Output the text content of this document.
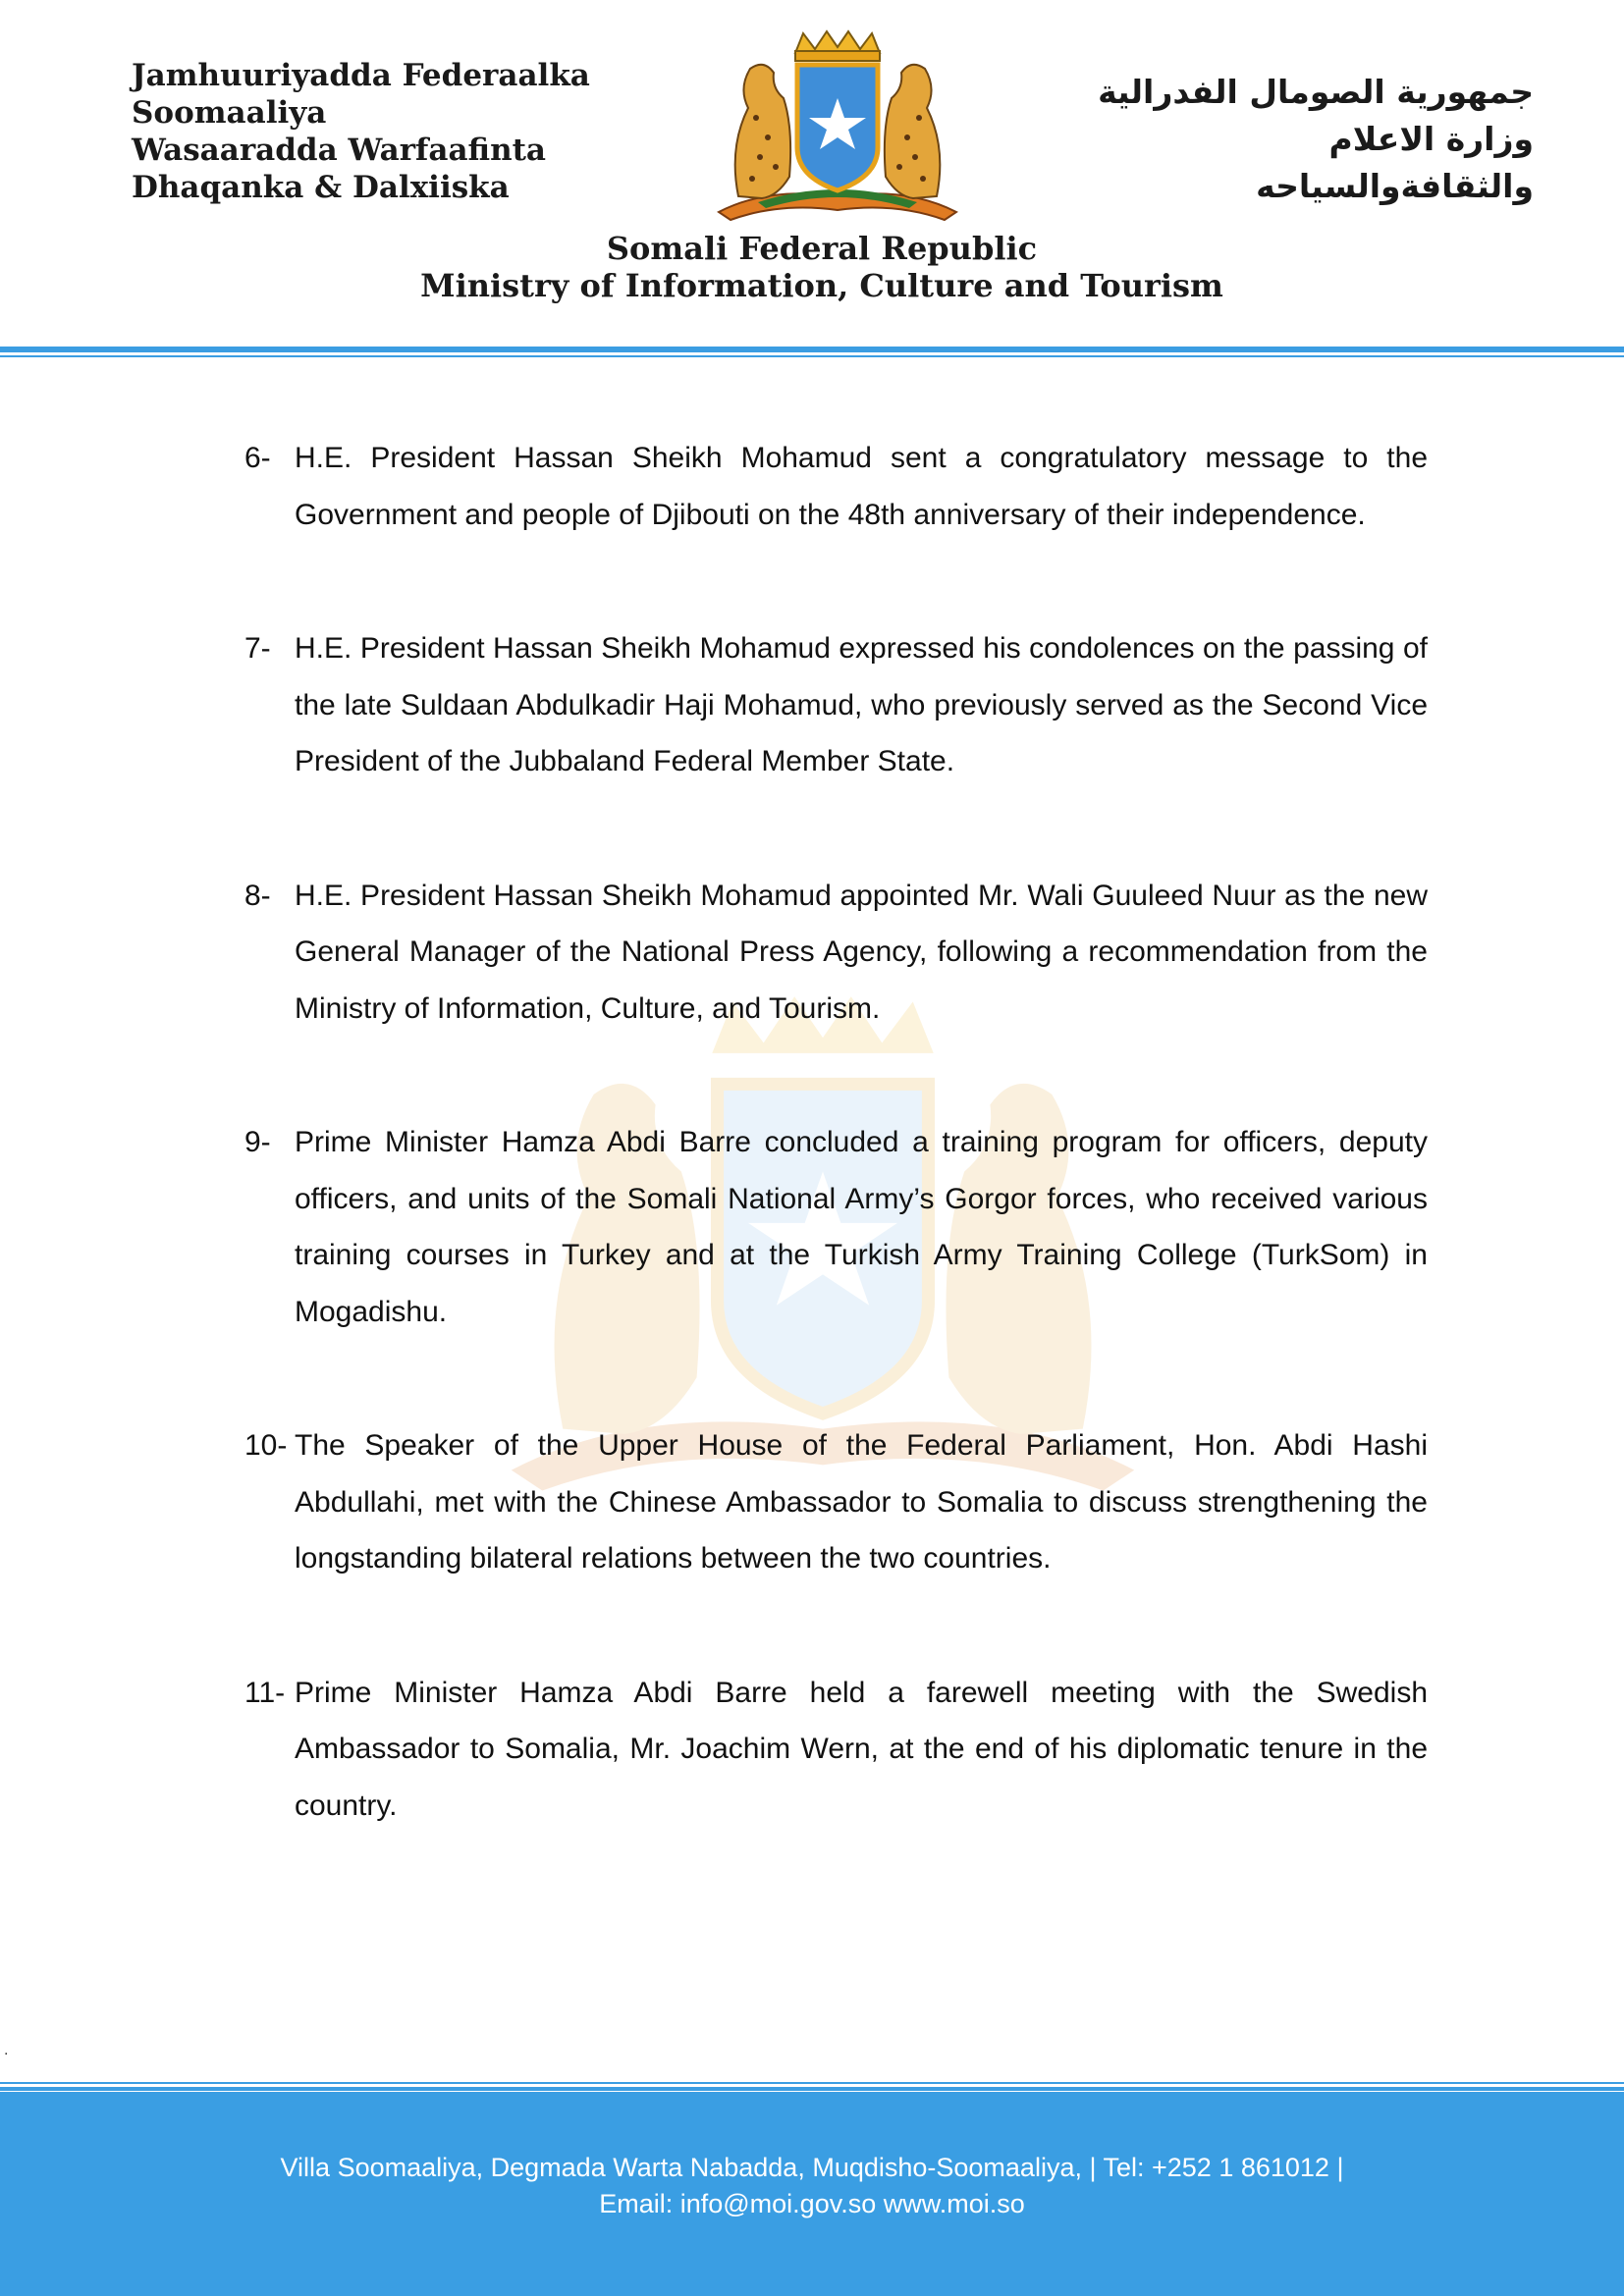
Jamhuuriyadda Federaalka
Soomaaliya
Wasaaradda Warfaafinta
Dhaqanka & Dalxiiska
جمهورية الصومال الفدرالية
وزارة الاعلام
والثقافةوالسياحه
Somali Federal Republic
Ministry of Information, Culture and Tourism
6- H.E. President Hassan Sheikh Mohamud sent a congratulatory message to the Government and people of Djibouti on the 48th anniversary of their independence.
7- H.E. President Hassan Sheikh Mohamud expressed his condolences on the passing of the late Suldaan Abdulkadir Haji Mohamud, who previously served as the Second Vice President of the Jubbaland Federal Member State.
8- H.E. President Hassan Sheikh Mohamud appointed Mr. Wali Guuleed Nuur as the new General Manager of the National Press Agency, following a recommendation from the Ministry of Information, Culture, and Tourism.
9- Prime Minister Hamza Abdi Barre concluded a training program for officers, deputy officers, and units of the Somali National Army’s Gorgor forces, who received various training courses in Turkey and at the Turkish Army Training College (TurkSom) in Mogadishu.
10- The Speaker of the Upper House of the Federal Parliament, Hon. Abdi Hashi Abdullahi, met with the Chinese Ambassador to Somalia to discuss strengthening the longstanding bilateral relations between the two countries.
11- Prime Minister Hamza Abdi Barre held a farewell meeting with the Swedish Ambassador to Somalia, Mr. Joachim Wern, at the end of his diplomatic tenure in the country.
.
Villa Soomaaliya, Degmada Warta Nabadda, Muqdisho-Soomaaliya, | Tel: +252 1 861012 |
Email: info@moi.gov.so www.moi.so
